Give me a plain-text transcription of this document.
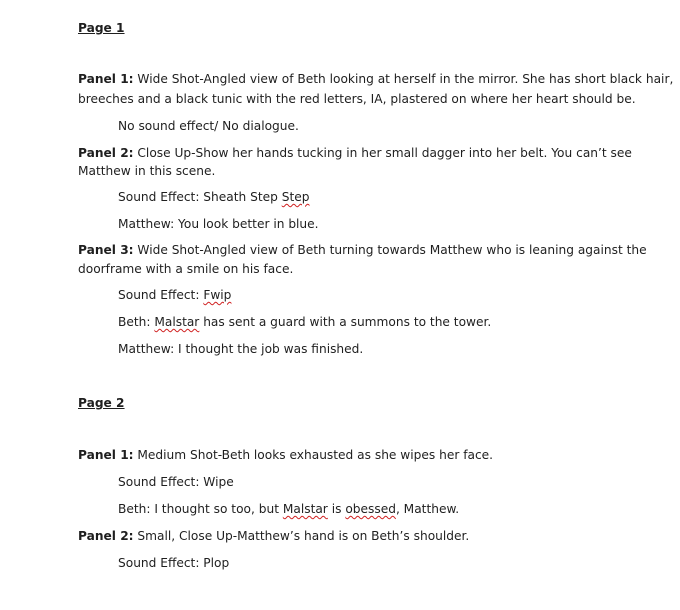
Page 1
Panel 1: Wide Shot-Angled view of Beth looking at herself in the mirror. She has short black hair,
breeches and a black tunic with the red letters, IA, plastered on where her heart should be.
No sound effect/ No dialogue.
Panel 2: Close Up-Show her hands tucking in her small dagger into her belt. You can’t see
Matthew in this scene.
Sound Effect: Sheath Step Step
Matthew: You look better in blue.
Panel 3: Wide Shot-Angled view of Beth turning towards Matthew who is leaning against the
doorframe with a smile on his face.
Sound Effect: Fwip
Beth: Malstar has sent a guard with a summons to the tower.
Matthew: I thought the job was finished.
Page 2
Panel 1: Medium Shot-Beth looks exhausted as she wipes her face.
Sound Effect: Wipe
Beth: I thought so too, but Malstar is obessed, Matthew.
Panel 2: Small, Close Up-Matthew’s hand is on Beth’s shoulder.
Sound Effect: Plop
